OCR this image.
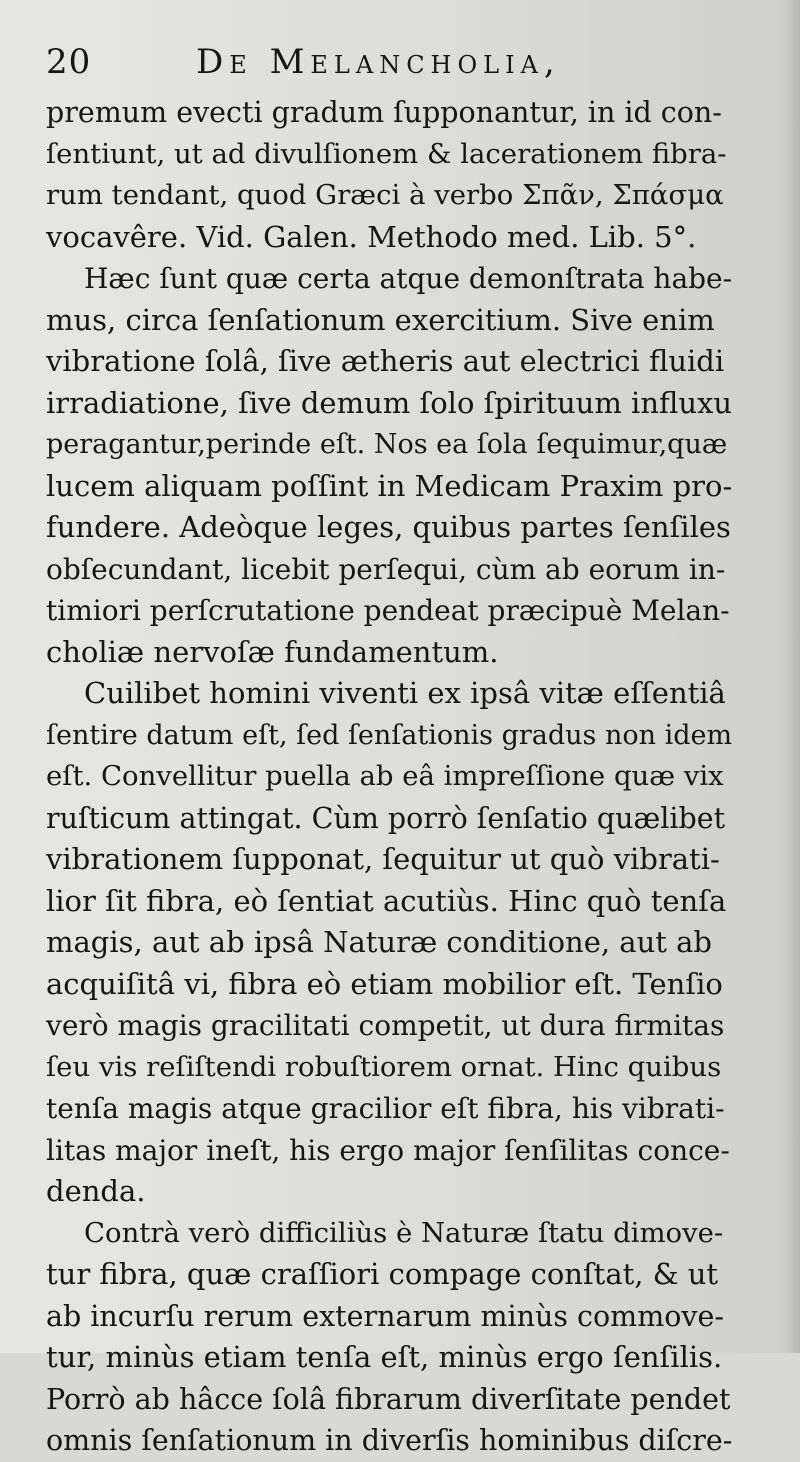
20	De Melancholia,
premum evecti gradum ſupponantur, in id con-
ſentiunt, ut ad divulſionem & lacerationem fibra-
rum tendant, quod Græci à verbo Σπᾶν, Σπάσμα
vocavêre. Vid. Galen. Methodo med. Lib. 5°.
Hæc ſunt quæ certa atque demonſtrata habe-
mus, circa ſenſationum exercitium. Sive enim
vibratione ſolâ, ſive ætheris aut electrici fluidi
irradiatione, ſive demum ſolo ſpirituum influxu
peragantur,perinde eſt. Nos ea ſola ſequimur,quæ
lucem aliquam poſſint in Medicam Praxim pro-
fundere. Adeòque leges, quibus partes ſenſiles
obſecundant, licebit perſequi, cùm ab eorum in-
timiori perſcrutatione pendeat præcipuè Melan-
choliæ nervoſæ fundamentum.
Cuilibet homini viventi ex ipsâ vitæ eſſentiâ
ſentire datum eſt, ſed ſenſationis gradus non idem
eſt. Convellitur puella ab eâ impreſſione quæ vix
ruſticum attingat. Cùm porrò ſenſatio quælibet
vibrationem ſupponat, ſequitur ut quò vibrati-
lior ſit fibra, eò ſentiat acutiùs. Hinc quò tenſa
magis, aut ab ipsâ Naturæ conditione, aut ab
acquiſitâ vi, fibra eò etiam mobilior eſt. Tenſio
verò magis gracilitati competit, ut dura firmitas
ſeu vis reſiſtendi robuſtiorem ornat. Hinc quibus
tenſa magis atque gracilior eſt fibra, his vibrati-
litas major ineſt, his ergo major ſenſilitas conce-
denda.
Contrà verò difficiliùs è Naturæ ſtatu dimove-
tur fibra, quæ craſſiori compage conſtat, & ut
ab incurſu rerum externarum minùs commove-
tur, minùs etiam tenſa eſt, minùs ergo ſenſilis.
Porrò ab hâcce ſolâ fibrarum diverſitate pendet
omnis ſenſationum in diverſis hominibus diſcre-
